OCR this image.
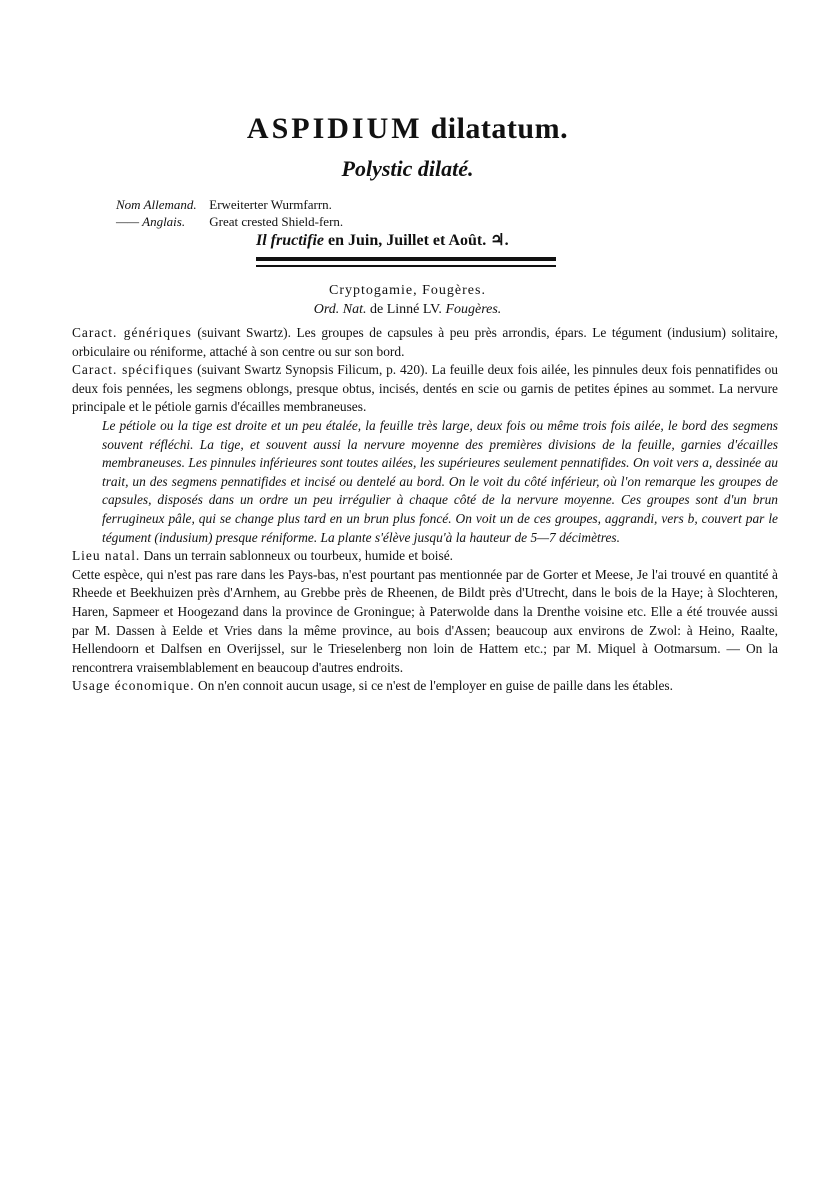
ASPIDIUM dilatatum.
Polystic dilaté.
Nom Allemand. Erweiterter Wurmfarrn.
—— Anglais. Great crested Shield-fern.
Il fructifie en Juin, Juillet et Août. ♃.
Cryptogamie, Fougères.
Ord. Nat. de Linné LV. Fougères.

Caract. génériques (suivant Swartz). Les groupes de capsules à peu près arrondis, épars. Le tégument (indusium) solitaire, orbiculaire ou réniforme, attaché à son centre ou sur son bord.

Caract. spécifiques (suivant Swartz Synopsis Filicum, p. 420). La feuille deux fois ailée, les pinnules deux fois pennatifides ou deux fois pennées, les segmens oblongs, presque obtus, incisés, dentés en scie ou garnis de petites épines au sommet. La nervure principale et le pétiole garnis d'écailles membraneuses.

Le pétiole ou la tige est droite et un peu étalée, la feuille très large, deux fois ou même trois fois ailée, le bord des segmens souvent réfléchi. La tige, et souvent aussi la nervure moyenne des premières divisions de la feuille, garnies d'écailles membraneuses. Les pinnules inférieures sont toutes ailées, les supérieures seulement pennatifides. On voit vers a, dessinée au trait, un des segmens pennatifides et incisé ou dentelé au bord. On le voit du côté inférieur, où l'on remarque les groupes de capsules, disposés dans un ordre un peu irrégulier à chaque côté de la nervure moyenne. Ces groupes sont d'un brun ferrugineux pâle, qui se change plus tard en un brun plus foncé. On voit un de ces groupes, aggrandi, vers b, couvert par le tégument (indusium) presque réniforme. La plante s'élève jusqu'à la hauteur de 5—7 décimètres.

Lieu natal. Dans un terrain sablonneux ou tourbeux, humide et boisé.

Cette espèce, qui n'est pas rare dans les Pays-bas, n'est pourtant pas mentionnée par de Gorter et Meese, Je l'ai trouvé en quantité à Rheede et Beekhuizen près d'Arnhem, au Grebbe près de Rheenen, de Bildt près d'Utrecht, dans le bois de la Haye; à Slochteren, Haren, Sapmeer et Hoogezand dans la province de Groningue; à Paterwolde dans la Drenthe voisine etc. Elle a été trouvée aussi par M. Dassen à Eelde et Vries dans la même province, au bois d'Assen; beaucoup aux environs de Zwol: à Heino, Raalte, Hellendoorn et Dalfsen en Overijssel, sur le Trieselenberg non loin de Hattem etc.; par M. Miquel à Ootmarsum. — On la rencontrera vraisemblablement en beaucoup d'autres endroits.

Usage économique. On n'en connoit aucun usage, si ce n'est de l'employer en guise de paille dans les étables.
